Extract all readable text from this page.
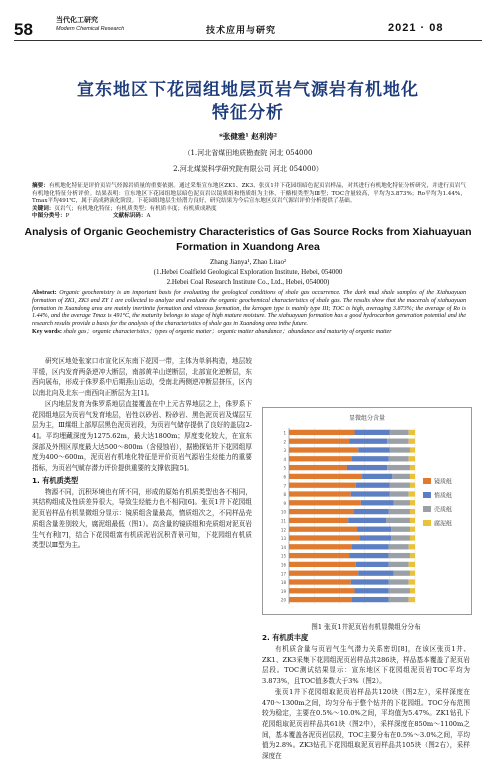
58	当代化工研究
Modern Chemical Research	技术应用与研究	2021 · 08
宣东地区下花园组地层页岩气源岩有机地化
特征分析
*张健雅¹ 赵利涛²
（1.河北省煤田地质勘查院 河北 054000
2.河北煤炭科学研究院有限公司 河北 054000）
摘要：有机地化特征是评价页岩气烃源岩质量的重要依据。通过采集宣东地区ZK1、ZK3、张页1井下花园组暗色泥页岩样品，对其进行有机地化特征分析研究，并进行页岩气有机地化特征分析评价。结果表明：宣东地区下花园组地层暗色泥页岩以镜质组和惰质组为主体，干酪根类型为Ⅲ型；TOC含量较高，平均为3.873%；Ro平均为1.44%，Tmax平均491℃，属于高成熟演化阶段。下花园组地层生烃潜力良好，研究结果为今后宣东地区页岩气源岩评价分析提供了基础。
关键词：页岩气；有机地化特征；有机质类型；有机质丰度；有机质成熟度
中图分类号：P	文献标识码：A
Analysis of Organic Geochemistry Characteristics of Gas Source Rocks from Xiahuayuan
Formation in Xuandong Area
Zhang Jianya¹, Zhao Litao²
(1.Hebei Coalfield Geological Exploration Institute, Hebei, 054000
2.Hebei Coal Research Institute Co., Ltd., Hebei, 054000)
Abstract: Organic geochemistry is an important basis for evaluating the geological conditions of shale gas occurrence. The dark mud shale samples of the Xiahuayuan formation of ZK1, ZK3 and ZY 1 are collected to analyze and evaluate the organic geochemical characteristics of shale gas. The results show that the macerals of xiahuayuan formation in Xuandong area are mainly inertinite formation and vitreous formation, the kerogen type is mainly type III; TOC is high, averaging 3.873%; the average of Ro is 1.44%, and the average Tmax is 491°C, the maturity belongs to stage of high mature moisture. The xiahuayuan formation has a good hydrocarbon generation potential and the research results provide a basis for the analysis of the characteristics of shale gas in Xuandong area inthe future.
Key words: shale gas；organic characteristics；types of organic matter；organic matter abundance；abundance and maturity of organic matter

研究区地处张家口市宣化区东南下花园一带，主体为单斜构造，地层较平缓，区内发育两条逆冲大断层，南部黄羊山逆断层，北部宣化逆断层，东西向展布，形成于侏罗系中后期燕山运动，受南北两侧逆冲断层挤压，区内以南北向及北东一南西向正断层为主[1]。

区内地层发育为侏罗系地层直接覆盖在中上元古界地层之上，侏罗系下花园组地层为页岩气发育地层，岩性以砂岩、粉砂岩、黑色泥页岩及煤层互层为主，Ⅲ煤组上部厚层黑色泥页岩段，为页岩气储存提供了良好的盖层[2-4]。平均埋藏深度为1275.62m，最大达1800m；厚度变化较大，在宣东深部及外围区厚度最大达500～800m（含侵蚀岩），据勘探钻井下花园组厚度为400～600m，泥页岩有机地化特征是评价页岩气源岩生烃能力的重要指标，为页岩气赋存潜力评价提供重要的支撑依据[5]。

1. 有机质类型

物源不同，沉积环境也有所不同，形成的原始有机质类型也各不相同，其结构组成及性质差异很大，导致生烃能力也不相同[6]。张页1井下花园组泥页岩样品有机显微组分显示：镜质组含量最高，惰质组次之，不同样品壳质组含量差别较大，腐泥组最低（图1）。高含量的镜质组和壳质组对泥页岩生气有利[7]，结合下花园组富有机质泥岩沉积背景可知，下花园组有机质类型以Ⅲ型为主。

显微组分含量
1
2
3
4
5
6
7
8
9
10
11
12
13
14
15
16
17
18
19
20
镜质组
惰质组
壳质组
腐泥组
图1 张页1井泥页岩有机显微组分分布
2. 有机质丰度

有机质含量与页岩气生气潜力关系密切[8]，在该区张页1井、ZK1、ZK3采集下花园组泥页岩样品共286块，样品基本覆盖了泥页岩层段。TOC测试结果显示：宣东地区下花园组泥页岩TOC平均为3.873%，且TOC值多数大于3%（图2）。

张页1井下花园组取泥页岩样品共120块（图2左），采样深度在470～1300m之间，均匀分布于整个钻井的下花园组。TOC分布范围较为稳定，主要在0.5%～10.0%之间，平均值为5.47%。ZK1钻孔下花园组取泥页岩样品共61块（图2中），采样深度在850m～1100m之间，基本覆盖各泥页岩层段，TOC主要分布在0.5%～3.0%之间，平均值为2.8%。ZK3钻孔下花园组取泥页岩样品共105块（图2右），采样深度在
